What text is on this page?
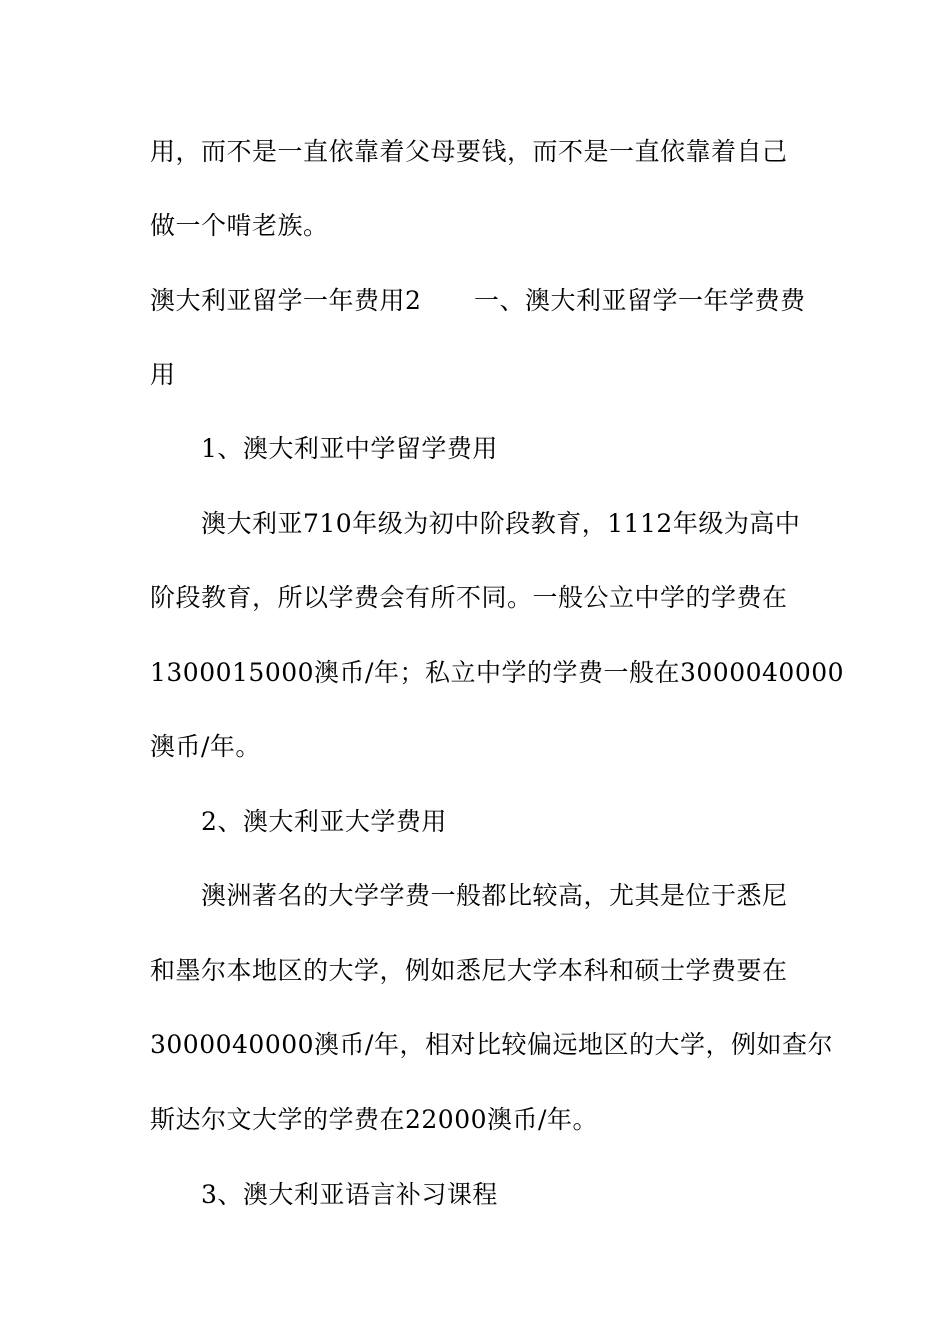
用，而不是一直依靠着父母要钱，而不是一直依靠着自己
做一个啃老族。
澳大利亚留学一年费用2 一、澳大利亚留学一年学费费
用
1、澳大利亚中学留学费用
澳大利亚710年级为初中阶段教育，1112年级为高中
阶段教育，所以学费会有所不同。一般公立中学的学费在
1300015000澳币/年；私立中学的学费一般在3000040000
澳币/年。
2、澳大利亚大学费用
澳洲著名的大学学费一般都比较高，尤其是位于悉尼
和墨尔本地区的大学，例如悉尼大学本科和硕士学费要在
3000040000澳币/年，相对比较偏远地区的大学，例如查尔
斯达尔文大学的学费在22000澳币/年。
3、澳大利亚语言补习课程
